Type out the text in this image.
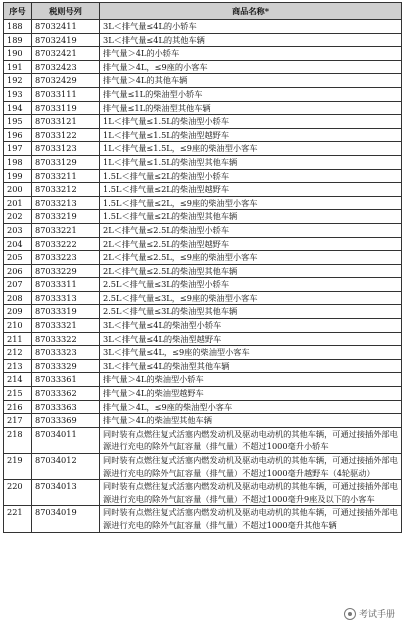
序号	税则号列	商品名称*
188	87032411	3L＜排气量≤4L的小轿车
189	87032419	3L＜排气量≤4L的其他车辆
190	87032421	排气量＞4L的小轿车
191	87032423	排气量＞4L，≤9座的小客车
192	87032429	排气量＞4L的其他车辆
193	87033111	排气量≤1L的柴油型小轿车
194	87033119	排气量≤1L的柴油型其他车辆
195	87033121	1L＜排气量≤1.5L的柴油型小轿车
196	87033122	1L＜排气量≤1.5L的柴油型越野车
197	87033123	1L＜排气量≤1.5L，≤9座的柴油型小客车
198	87033129	1L＜排气量≤1.5L的柴油型其他车辆
199	87033211	1.5L＜排气量≤2L的柴油型小轿车
200	87033212	1.5L＜排气量≤2L的柴油型越野车
201	87033213	1.5L＜排气量≤2L，≤9座的柴油型小客车
202	87033219	1.5L＜排气量≤2L的柴油型其他车辆
203	87033221	2L＜排气量≤2.5L的柴油型小轿车
204	87033222	2L＜排气量≤2.5L的柴油型越野车
205	87033223	2L＜排气量≤2.5L，≤9座的柴油型小客车
206	87033229	2L＜排气量≤2.5L的柴油型其他车辆
207	87033311	2.5L＜排气量≤3L的柴油型小轿车
208	87033313	2.5L＜排气量≤3L，≤9座的柴油型小客车
209	87033319	2.5L＜排气量≤3L的柴油型其他车辆
210	87033321	3L＜排气量≤4L的柴油型小轿车
211	87033322	3L＜排气量≤4L的柴油型越野车
212	87033323	3L＜排气量≤4L，≤9座的柴油型小客车
213	87033329	3L＜排气量≤4L的柴油型其他车辆
214	87033361	排气量＞4L的柴油型小轿车
215	87033362	排气量＞4L的柴油型越野车
216	87033363	排气量＞4L，≤9座的柴油型小客车
217	87033369	排气量＞4L的柴油型其他车辆
218	87034011	同时装有点燃往复式活塞内燃发动机及驱动电动机的其他车辆，可通过接插外部电源进行充电的除外气缸容量（排气量）不超过1000毫升小轿车
219	87034012	同时装有点燃往复式活塞内燃发动机及驱动电动机的其他车辆，可通过接插外部电源进行充电的除外气缸容量（排气量）不超过1000毫升越野车（4轮驱动）
220	87034013	同时装有点燃往复式活塞内燃发动机及驱动电动机的其他车辆，可通过接插外部电源进行充电的除外气缸容量（排气量）不超过1000毫升9座及以下的小客车
221	87034019	同时装有点燃往复式活塞内燃发动机及驱动电动机的其他车辆，可通过接插外部电源进行充电的除外气缸容量（排气量）不超过1000毫升其他车辆
考试手册
